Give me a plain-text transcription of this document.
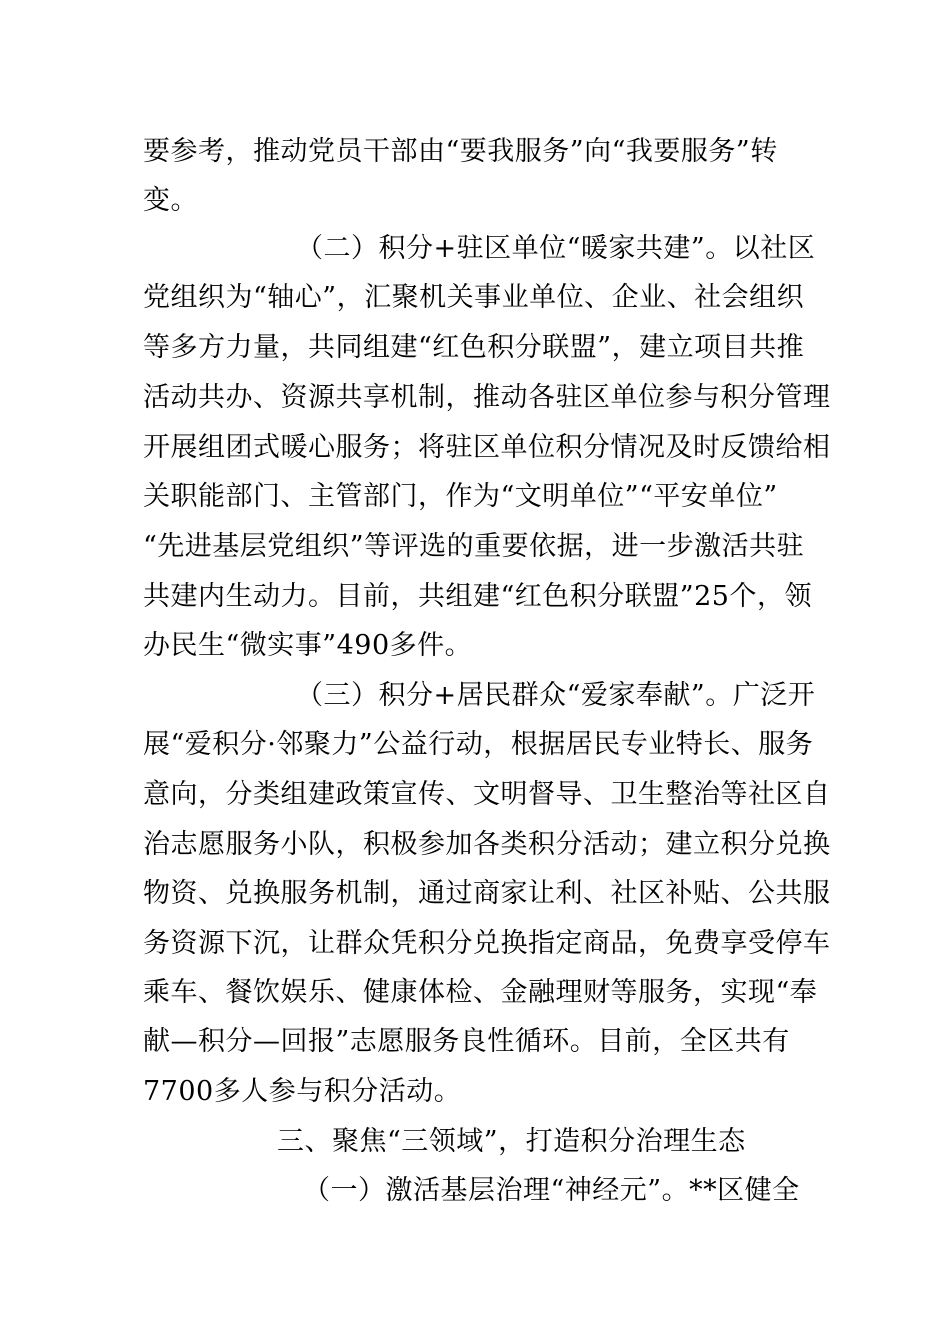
要参考，推动党员干部由“要我服务”向“我要服务”转
变。
（二）积分+驻区单位“暖家共建”。以社区
党组织为“轴心”，汇聚机关事业单位、企业、社会组织
等多方力量，共同组建“红色积分联盟”，建立项目共推
活动共办、资源共享机制，推动各驻区单位参与积分管理
开展组团式暖心服务；将驻区单位积分情况及时反馈给相
关职能部门、主管部门，作为“文明单位”“平安单位”
“先进基层党组织”等评选的重要依据，进一步激活共驻
共建内生动力。目前，共组建“红色积分联盟”25个，领
办民生“微实事”490多件。
（三）积分+居民群众“爱家奉献”。广泛开
展“爱积分·邻聚力”公益行动，根据居民专业特长、服务
意向，分类组建政策宣传、文明督导、卫生整治等社区自
治志愿服务小队，积极参加各类积分活动；建立积分兑换
物资、兑换服务机制，通过商家让利、社区补贴、公共服
务资源下沉，让群众凭积分兑换指定商品，免费享受停车
乘车、餐饮娱乐、健康体检、金融理财等服务，实现“奉
献—积分—回报”志愿服务良性循环。目前，全区共有
7700多人参与积分活动。
三、聚焦“三领域”，打造积分治理生态
（一）激活基层治理“神经元”。**区健全
